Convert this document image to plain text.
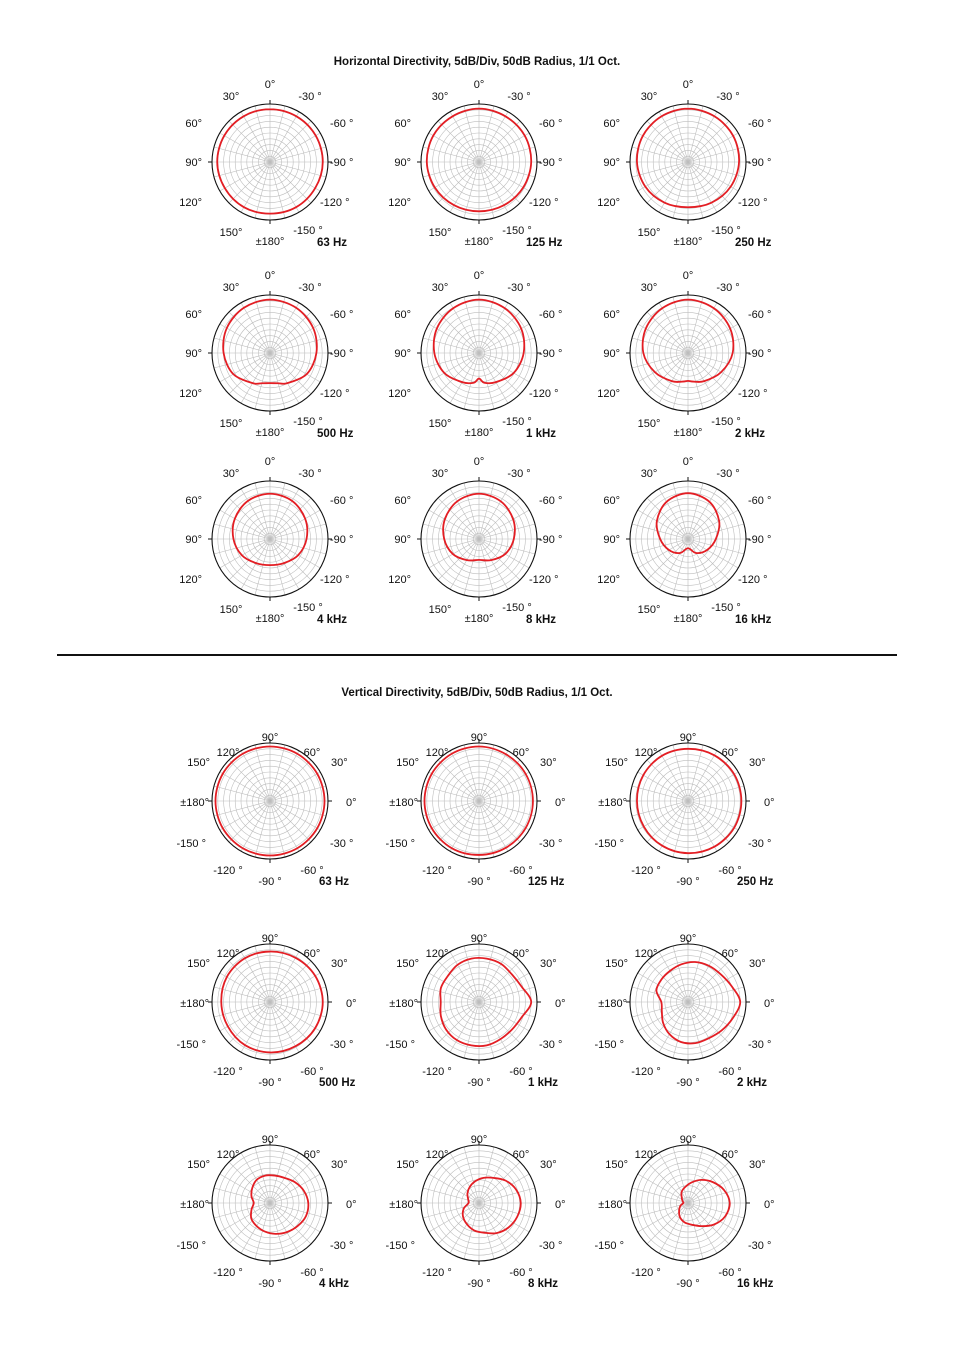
Horizontal Directivity, 5dB/Div, 50dB Radius, 1/1 Oct.
0°
30°	-30 °
60°	-60 °
90°	-90 °
120°	-120 °
150°	-150 °
±180°	63 Hz
0°
30°	-30 °
60°	-60 °
90°	-90 °
120°	-120 °
150°	-150 °
±180°	125 Hz
0°
30°	-30 °
60°	-60 °
90°	-90 °
120°	-120 °
150°	-150 °
±180°	250 Hz
0°
30°	-30 °
60°	-60 °
90°	-90 °
120°	-120 °
150°	-150 °
±180°	500 Hz
0°
30°	-30 °
60°	-60 °
90°	-90 °
120°	-120 °
150°	-150 °
±180°	1 kHz
0°
30°	-30 °
60°	-60 °
90°	-90 °
120°	-120 °
150°	-150 °
±180°	2 kHz
0°
30°	-30 °
60°	-60 °
90°	-90 °
120°	-120 °
150°	-150 °
±180°	4 kHz
0°
30°	-30 °
60°	-60 °
90°	-90 °
120°	-120 °
150°	-150 °
±180°	8 kHz
0°
30°	-30 °
60°	-60 °
90°	-90 °
120°	-120 °
150°	-150 °
±180°	16 kHz
90°
120°	60°
150°	30°
±180°	0°
-150 °	-30 °
-120 °	-60 °
-90 °	63 Hz
90°
120°	60°
150°	30°
±180°	0°
-150 °	-30 °
-120 °	-60 °
-90 °	125 Hz
90°
120°	60°
150°	30°
±180°	0°
-150 °	-30 °
-120 °	-60 °
-90 °	250 Hz
90°
120°	60°
150°	30°
±180°	0°
-150 °	-30 °
-120 °	-60 °
-90 °	500 Hz
90°
120°	60°
150°	30°
±180°	0°
-150 °	-30 °
-120 °	-60 °
-90 °	1 kHz
90°
120°	60°
150°	30°
±180°	0°
-150 °	-30 °
-120 °	-60 °
-90 °	2 kHz
90°
120°	60°
150°	30°
±180°	0°
-150 °	-30 °
-120 °	-60 °
-90 °	4 kHz
90°
120°	60°
150°	30°
±180°	0°
-150 °	-30 °
-120 °	-60 °
-90 °	8 kHz
90°
120°	60°
150°	30°
±180°	0°
-150 °	-30 °
-120 °	-60 °
-90 °	16 kHz
Vertical Directivity, 5dB/Div, 50dB Radius, 1/1 Oct.
